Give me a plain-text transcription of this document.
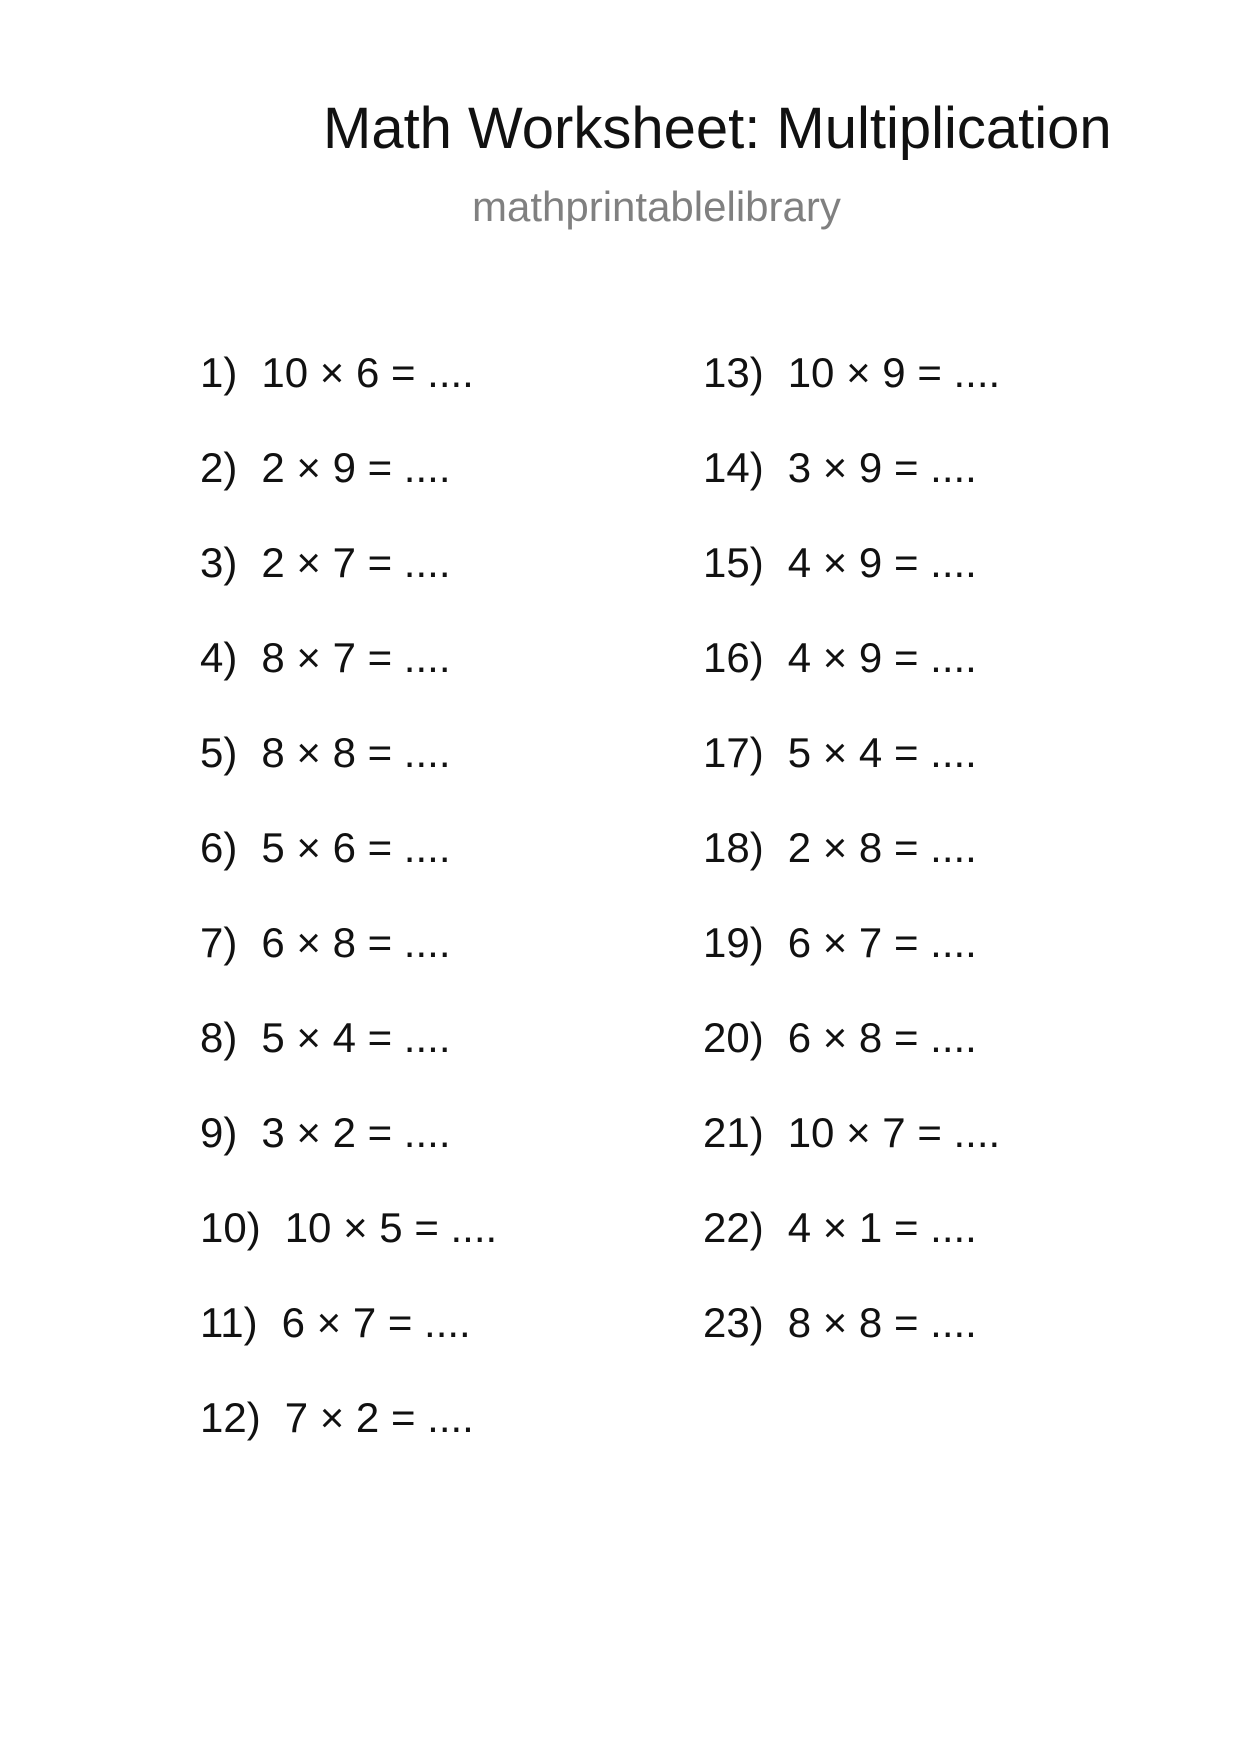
Math Worksheet: Multiplication
mathprintablelibrary
1) 10 × 6 = ....
2) 2 × 9 = ....
3) 2 × 7 = ....
4) 8 × 7 = ....
5) 8 × 8 = ....
6) 5 × 6 = ....
7) 6 × 8 = ....
8) 5 × 4 = ....
9) 3 × 2 = ....
10) 10 × 5 = ....
11) 6 × 7 = ....
12) 7 × 2 = ....
13) 10 × 9 = ....
14) 3 × 9 = ....
15) 4 × 9 = ....
16) 4 × 9 = ....
17) 5 × 4 = ....
18) 2 × 8 = ....
19) 6 × 7 = ....
20) 6 × 8 = ....
21) 10 × 7 = ....
22) 4 × 1 = ....
23) 8 × 8 = ....
